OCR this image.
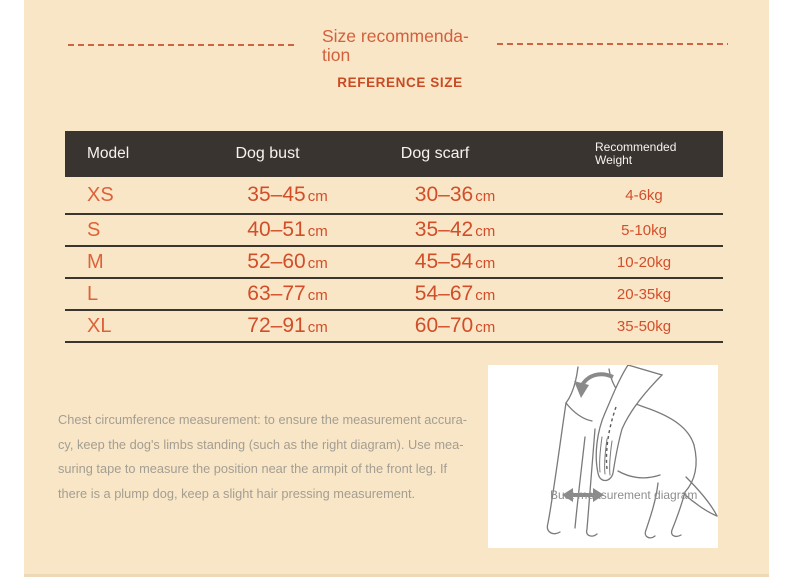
Size recommenda-
tion
REFERENCE SIZE
Model	Dog bust	Dog scarf	Recommended
Weight
XS	35–45 cm	30–36 cm	4-6kg
S	40–51 cm	35–42 cm	5-10kg
M	52–60 cm	45–54 cm	10-20kg
L	63–77 cm	54–67 cm	20-35kg
XL	72–91 cm	60–70 cm	35-50kg
Chest circumference measurement: to ensure the measurement accura-
cy, keep the dog's limbs standing (such as the right diagram). Use mea-
suring tape to measure the position near the armpit of the front leg. If
there is a plump dog, keep a slight hair pressing measurement.	Bust measurement diagram
